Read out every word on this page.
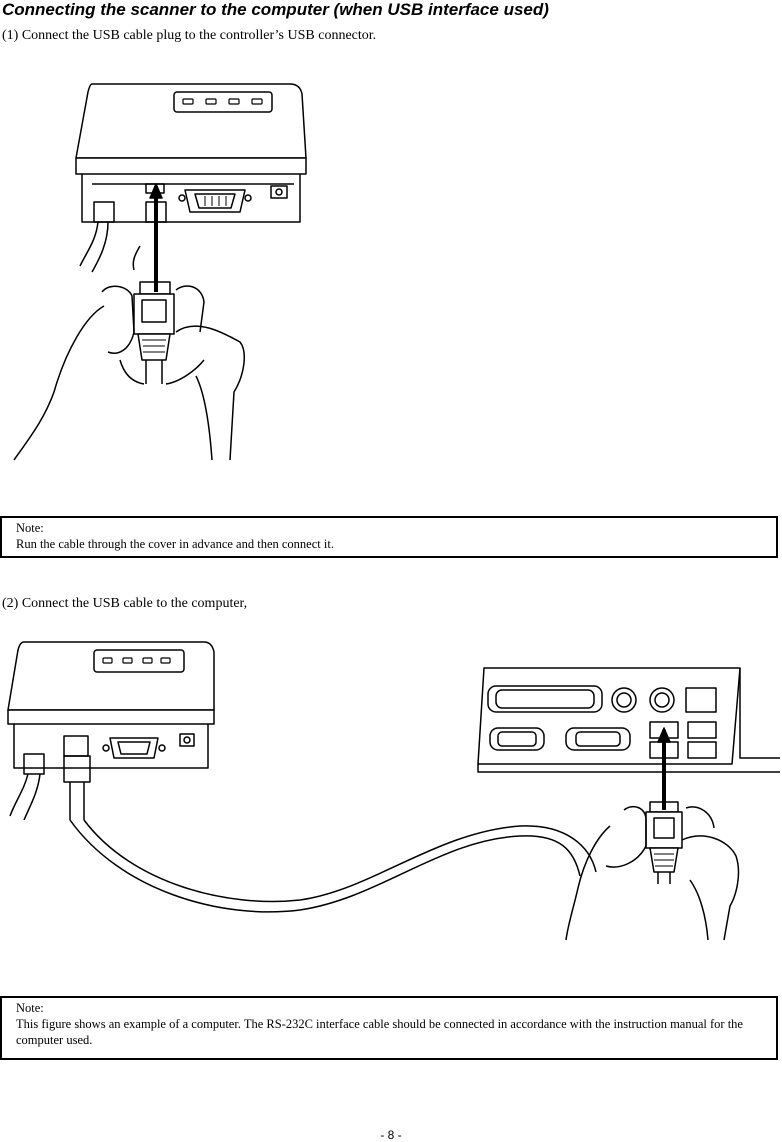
Connecting the scanner to the computer (when USB interface used)
(1) Connect the USB cable plug to the controller’s USB connector.
Note:
Run the cable through the cover in advance and then connect it.
(2) Connect the USB cable to the computer,
Note:
This figure shows an example of a computer. The RS-232C interface cable should be connected in accordance with the instruction manual for the computer used.
- 8 -
